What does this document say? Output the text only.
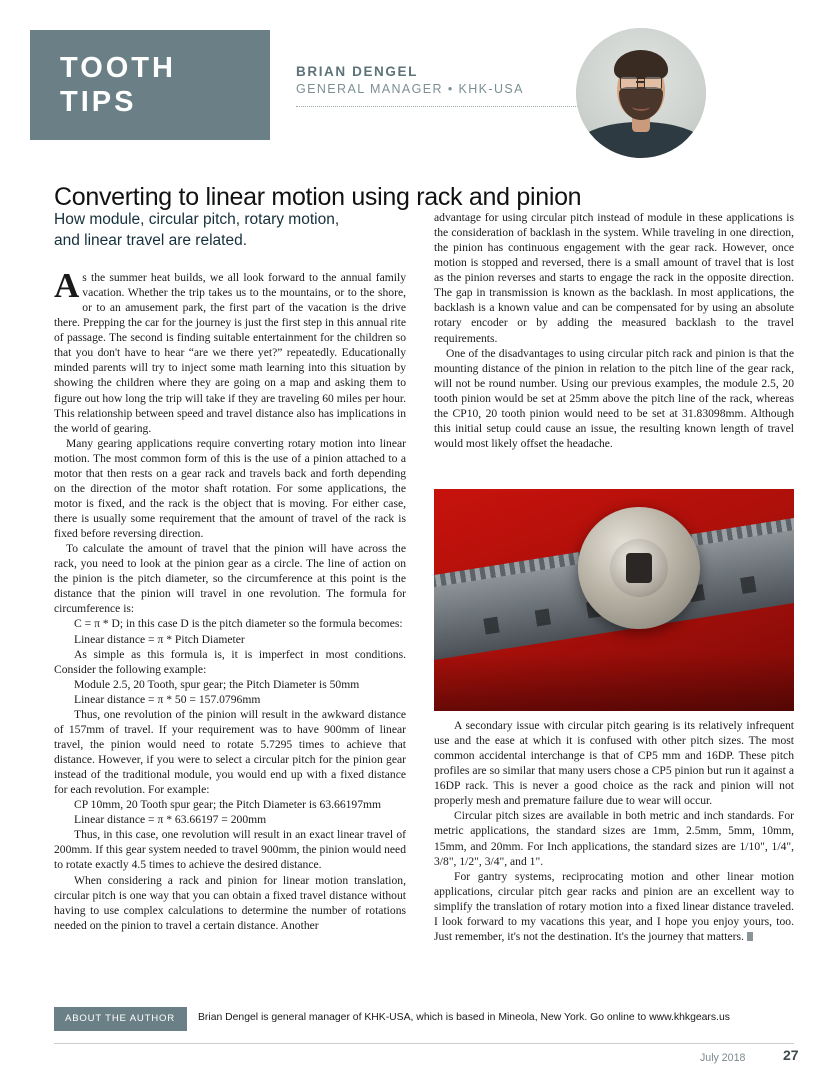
TOOTH
TIPS
BRIAN DENGEL
GENERAL MANAGER • KHK-USA
Converting to linear motion using rack and pinion
How module, circular pitch, rotary motion,
and linear travel are related.

A s the summer heat builds, we all look forward to the annual family vacation. Whether the trip takes us to the mountains, or to the shore, or to an amusement park, the first part of the vacation is the drive there. Prepping the car for the journey is just the first step in this annual rite of passage. The second is finding suitable entertainment for the children so that you don't have to hear “are we there yet?” repeatedly. Educationally minded parents will try to inject some math learning into this situation by showing the children where they are going on a map and asking them to figure out how long the trip will take if they are traveling 60 miles per hour. This relationship between speed and travel distance also has implications in the world of gearing.

Many gearing applications require converting rotary motion into linear motion. The most common form of this is the use of a pinion attached to a motor that then rests on a gear rack and travels back and forth depending on the direction of the motor shaft rotation. For some applications, the motor is fixed, and the rack is the object that is moving. For either case, there is usually some requirement that the amount of travel of the rack is fixed before reversing direction.

To calculate the amount of travel that the pinion will have across the rack, you need to look at the pinion gear as a circle. The line of action on the pinion is the pitch diameter, so the circumference at this point is the distance that the pinion will travel in one revolution. The formula for circumference is:

C = π * D; in this case D is the pitch diameter so the formula becomes:

Linear distance = π * Pitch Diameter

As simple as this formula is, it is imperfect in most conditions. Consider the following example:

Module 2.5, 20 Tooth, spur gear; the Pitch Diameter is 50mm

Linear distance = π * 50 = 157.0796mm

Thus, one revolution of the pinion will result in the awkward distance of 157mm of travel. If your requirement was to have 900mm of linear travel, the pinion would need to rotate 5.7295 times to achieve that distance. However, if you were to select a circular pitch for the pinion gear instead of the traditional module, you would end up with a fixed distance for each revolution. For example:

CP 10mm, 20 Tooth spur gear; the Pitch Diameter is 63.66197mm

Linear distance = π * 63.66197 = 200mm

Thus, in this case, one revolution will result in an exact linear travel of 200mm. If this gear system needed to travel 900mm, the pinion would need to rotate exactly 4.5 times to achieve the desired distance.

When considering a rack and pinion for linear motion translation, circular pitch is one way that you can obtain a fixed travel distance without having to use complex calculations to determine the number of rotations needed on the pinion to travel a certain distance. Another

advantage for using circular pitch instead of module in these applications is the consideration of backlash in the system. While traveling in one direction, the pinion has continuous engagement with the gear rack. However, once motion is stopped and reversed, there is a small amount of travel that is lost as the pinion reverses and starts to engage the rack in the opposite direction. The gap in transmission is known as the backlash. In most applications, the backlash is a known value and can be compensated for by using an absolute rotary encoder or by adding the measured backlash to the travel requirements.

One of the disadvantages to using circular pitch rack and pinion is that the mounting distance of the pinion in relation to the pitch line of the gear rack, will not be round number. Using our previous examples, the module 2.5, 20 tooth pinion would be set at 25mm above the pitch line of the rack, whereas the CP10, 20 tooth pinion would need to be set at 31.83098mm. Although this initial setup could cause an issue, the resulting known length of travel would most likely offset the headache.

A secondary issue with circular pitch gearing is its relatively infrequent use and the ease at which it is confused with other pitch sizes. The most common accidental interchange is that of CP5 mm and 16DP. These pitch profiles are so similar that many users chose a CP5 pinion but run it against a 16DP rack. This is never a good choice as the rack and pinion will not properly mesh and premature failure due to wear will occur.

Circular pitch sizes are available in both metric and inch standards. For metric applications, the standard sizes are 1mm, 2.5mm, 5mm, 10mm, 15mm, and 20mm. For Inch applications, the standard sizes are 1/10", 1/4", 3/8", 1/2", 3/4", and 1".

For gantry systems, reciprocating motion and other linear motion applications, circular pitch gear racks and pinion are an excellent way to simplify the translation of rotary motion into a fixed linear distance traveled. I look forward to my vacations this year, and I hope you enjoy yours, too. Just remember, it's not the destination. It's the journey that matters.

ABOUT THE AUTHOR Brian Dengel is general manager of KHK-USA, which is based in Mineola, New York. Go online to www.khkgears.us
July 2018	27
